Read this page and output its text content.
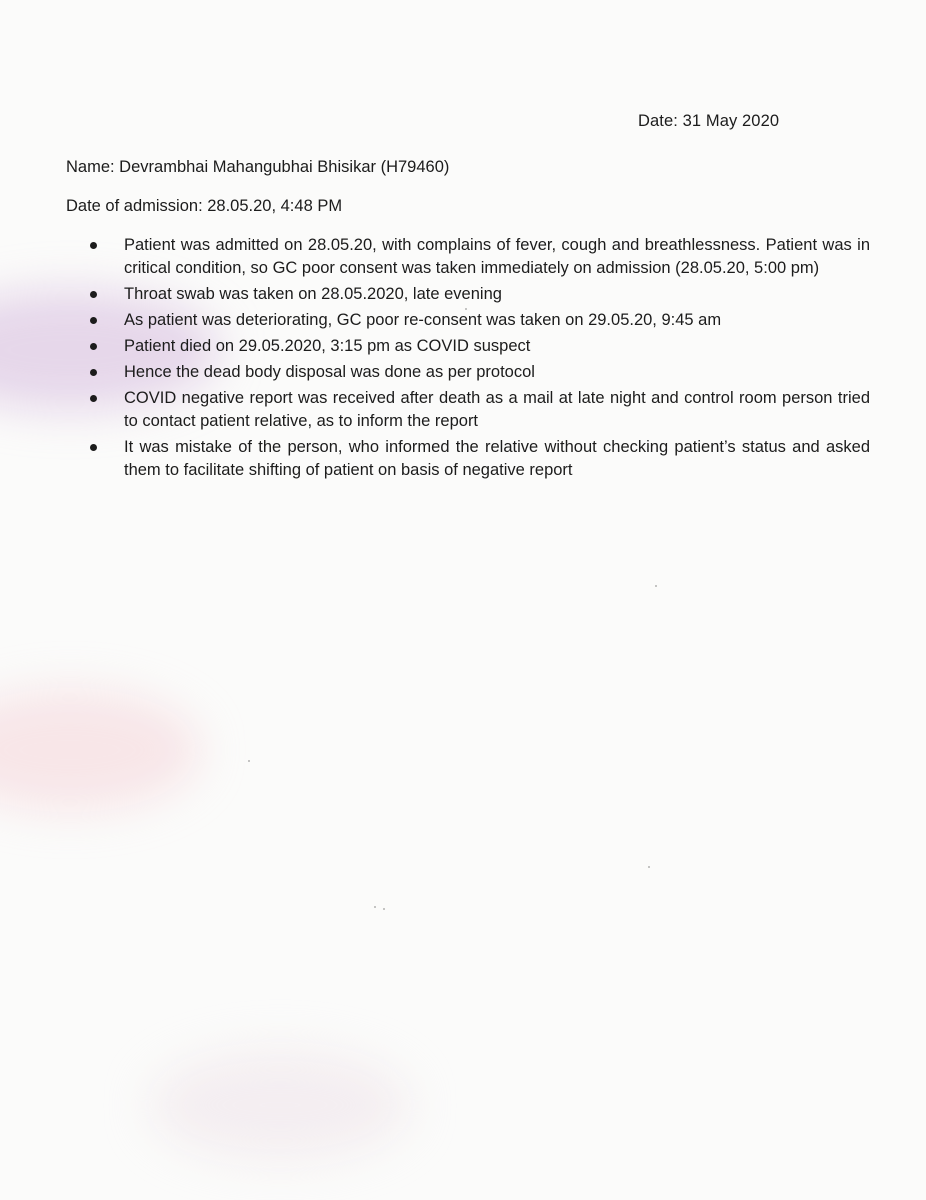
Date: 31 May 2020
Name: Devrambhai Mahangubhai Bhisikar (H79460)
Date of admission: 28.05.20, 4:48 PM
Patient was admitted on 28.05.20, with complains of fever, cough and breathlessness. Patient was in critical condition, so GC poor consent was taken immediately on admission (28.05.20, 5:00 pm)
Throat swab was taken on 28.05.2020, late evening
As patient was deteriorating, GC poor re-consent was taken on 29.05.20, 9:45 am
Patient died on 29.05.2020, 3:15 pm as COVID suspect
Hence the dead body disposal was done as per protocol
COVID negative report was received after death as a mail at late night and control room person tried to contact patient relative, as to inform the report
It was mistake of the person, who informed the relative without checking patient’s status and asked them to facilitate shifting of patient on basis of negative report
